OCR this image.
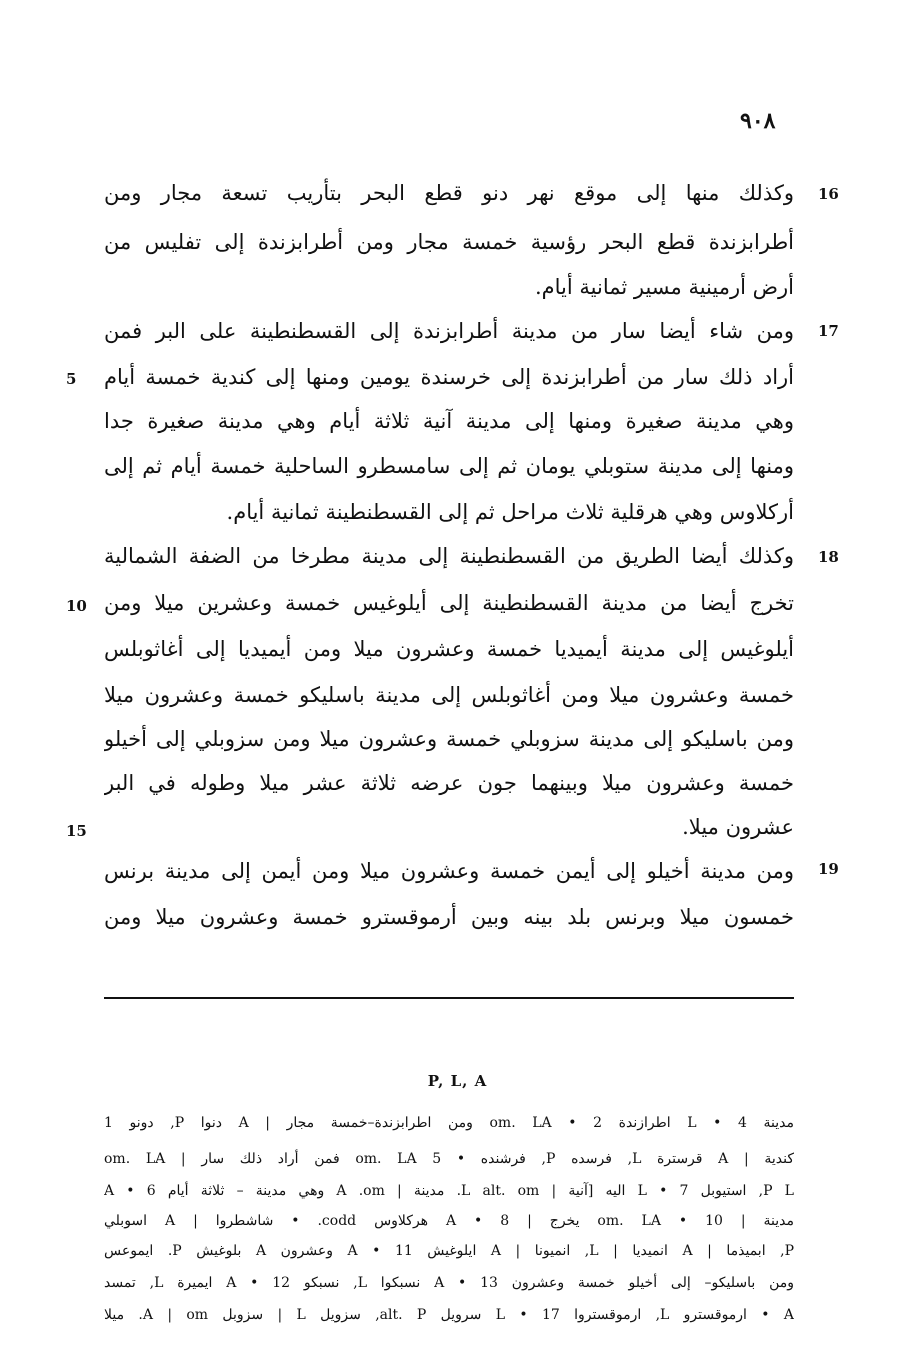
٩٠٨
16
17
18
19
5
10
15
وكذلك منها إلى موقع نهر دنو قطع البحر بتأريب تسعة مجار ومن
أطرابزندة قطع البحر رؤسية خمسة مجار ومن أطرابزندة إلى تفليس من
أرض أرمينية مسير ثمانية أيام.
ومن شاء أيضا سار من مدينة أطرابزندة إلى القسطنطينة على البر فمن
أراد ذلك سار من أطرابزندة إلى خرسندة يومين ومنها إلى كندية خمسة أيام
وهي مدينة صغيرة ومنها إلى مدينة آنية ثلاثة أيام وهي مدينة صغيرة جدا
ومنها إلى مدينة ستوبلي يومان ثم إلى سامسطرو الساحلية خمسة أيام ثم إلى
أركلاوس وهي هرقلية ثلاث مراحل ثم إلى القسطنطينة ثمانية أيام.
وكذلك أيضا الطريق من القسطنطينة إلى مدينة مطرخا من الضفة الشمالية
تخرج أيضا من مدينة القسطنطينة إلى أيلوغيس خمسة وعشرين ميلا ومن
أيلوغيس إلى مدينة أيميديا خمسة وعشرون ميلا ومن أيميديا إلى أغاثوبلس
خمسة وعشرون ميلا ومن أغاثوبلس إلى مدينة باسليكو خمسة وعشرون ميلا
ومن باسليكو إلى مدينة سزوبلي خمسة وعشرون ميلا ومن سزوبلي إلى أخيلو
خمسة وعشرون ميلا وبينهما جون عرضه ثلاثة عشر ميلا وطوله في البر
عشرون ميلا.
ومن مدينة أخيلو إلى أيمن خمسة وعشرون ميلا ومن أيمن إلى مدينة برنس
خمسون ميلا وبرنس بلد بينه وبين أرموقسترو خمسة وعشرون ميلا ومن
P, L, A
مدينة 4 • L اطرازندة 2 • om. LA ومن اطرابزندة–خمسة مجار | A دنوا P, دونو 1
كندية | A قرسترة L, فرسده P, فرشنده • 5 om. LA فمن أراد ذلك سار | om. LA
P L, استيوبل 7 • L اليه [آنية | L alt. om. مدينة | A .om وهي مدينة – ثلاثة أيام 6 • A
مدينة | om. LA • 10 يخرج | A • 8 هركلاوس codd. • شاشطروا | A اسوبلي
P, ابميذما | A انميديا | L, انميونا | A ايلوغيش 11 • A وعشرون A بلوغيش P. ايموعس
ومن باسليكو– إلى أخيلو خمسة وعشرون 13 • A نسبكوا L, نسبكو 12 • A ايميرة L, تمسد
A • ارموقسترو L, ارموقستروا 17 • L سرويل alt. P, سزويل L | سزوبل A | om. ميلا
